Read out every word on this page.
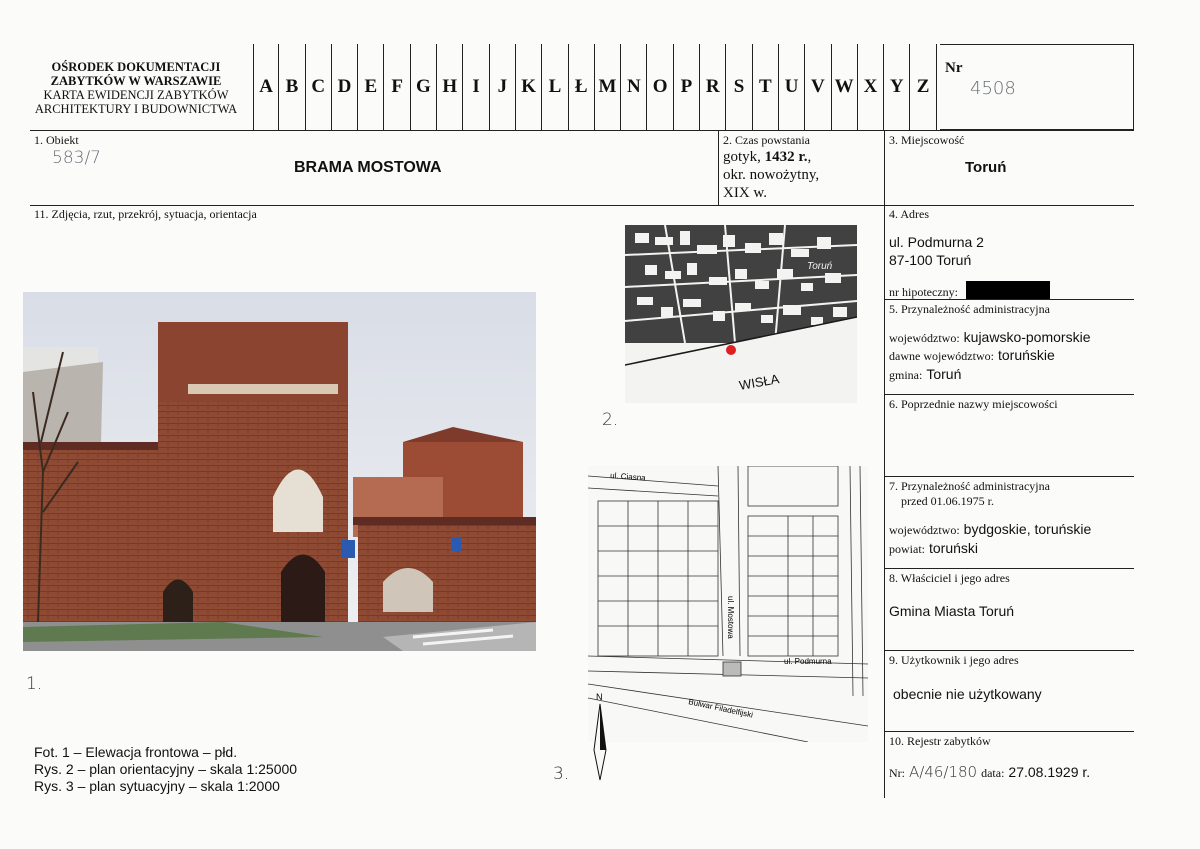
OŚRODEK DOKUMENTACJI
ZABYTKÓW W WARSZAWIE
KARTA EWIDENCJI ZABYTKÓW
ARCHITEKTURY I BUDOWNICTWA
A B C D E F G H I J K L Ł M N O P R S T U V W X Y Z
Nr
4508
1. Obiekt
583/7	BRAMA MOSTOWA
2. Czas powstania
gotyk, 1432 r.,
okr. nowożytny,
XIX w.
3. Miejscowość
Toruń
11. Zdjęcia, rzut, przekrój, sytuacja, orientacja
1.
Fot. 1 – Elewacja frontowa – płd.
Rys. 2 – plan orientacyjny – skala 1:25000
Rys. 3 – plan sytuacyjny – skala 1:2000
WISŁA
Toruń
2.
ul. Ciasna
ul. Mostowa
ul. Podmurna
Bulwar Filadelfijski
N
3.
4. Adres
ul. Podmurna 2
87-100 Toruń
nr hipoteczny:
5. Przynależność administracyjna
województwo: kujawsko-pomorskie
dawne województwo: toruńskie
gmina: Toruń
6. Poprzednie nazwy miejscowości
7. Przynależność administracyjna
przed 01.06.1975 r.
województwo: bydgoskie, toruńskie
powiat: toruński
8. Właściciel i jego adres
Gmina Miasta Toruń
9. Użytkownik i jego adres
obecnie nie użytkowany
10. Rejestr zabytków
Nr: A/46/180 data: 27.08.1929 r.
